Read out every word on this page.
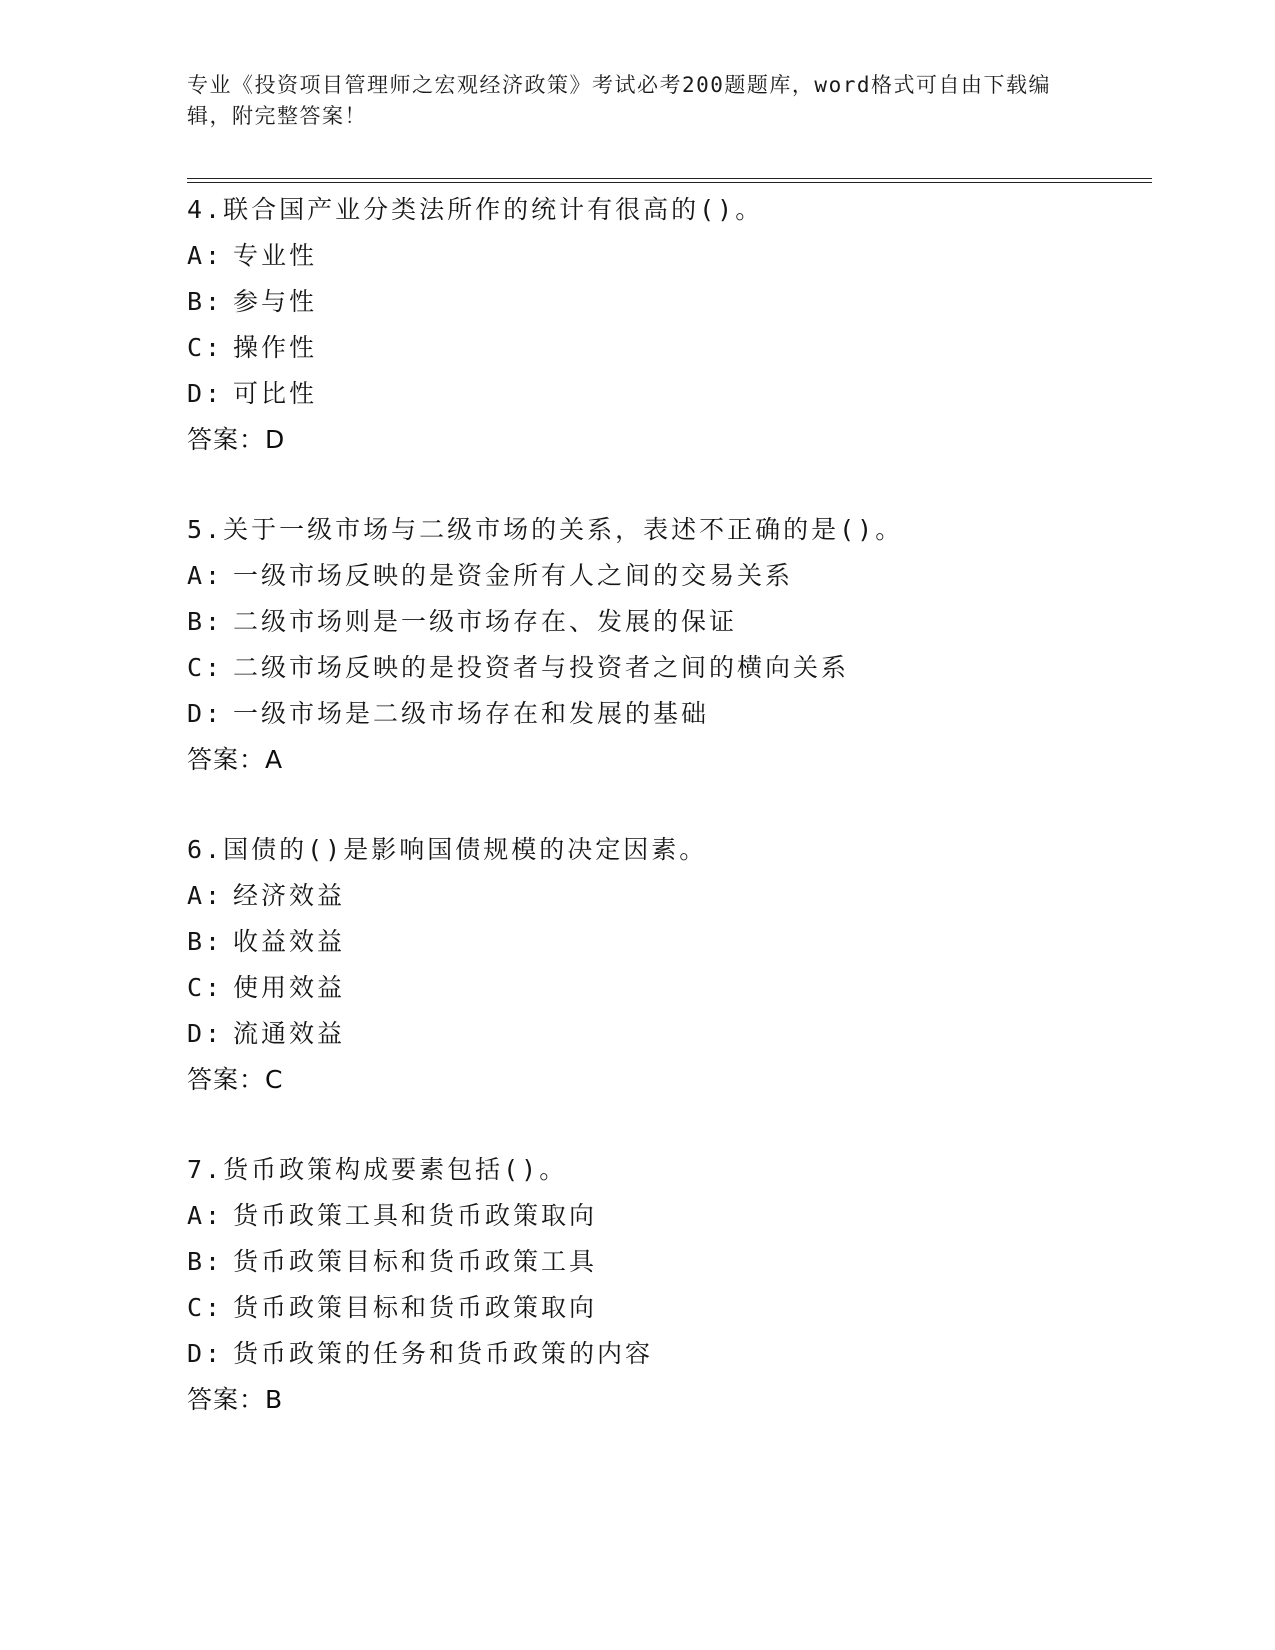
专业《投资项目管理师之宏观经济政策》考试必考200题题库，word格式可自由下载编辑，附完整答案！
4.联合国产业分类法所作的统计有很高的()。
A: 专业性
B: 参与性
C: 操作性
D: 可比性
答案：D
5.关于一级市场与二级市场的关系，表述不正确的是()。
A: 一级市场反映的是资金所有人之间的交易关系
B: 二级市场则是一级市场存在、发展的保证
C: 二级市场反映的是投资者与投资者之间的横向关系
D: 一级市场是二级市场存在和发展的基础
答案：A
6.国债的()是影响国债规模的决定因素。
A: 经济效益
B: 收益效益
C: 使用效益
D: 流通效益
答案：C
7.货币政策构成要素包括()。
A: 货币政策工具和货币政策取向
B: 货币政策目标和货币政策工具
C: 货币政策目标和货币政策取向
D: 货币政策的任务和货币政策的内容
答案：B
